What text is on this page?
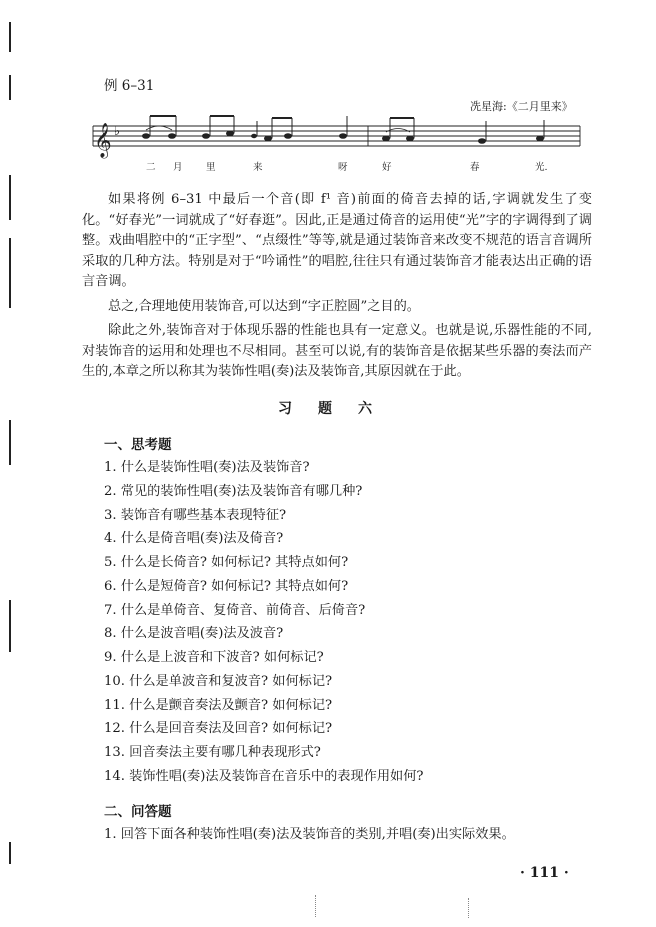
例 6–31
冼星海:《二月里来》
𝄞 ♭
二 月 里	来	呀	好	春	光.

如果将例 6–31 中最后一个音(即 f¹ 音)前面的倚音去掉的话,字调就发生了变化。“好春光”一词就成了“好春逛”。因此,正是通过倚音的运用使“光”字的字调得到了调整。戏曲唱腔中的“正字型”、“点缀性”等等,就是通过装饰音来改变不规范的语言音调所采取的几种方法。特别是对于“吟诵性”的唱腔,往往只有通过装饰音才能表达出正确的语言音调。

总之,合理地使用装饰音,可以达到“字正腔圆”之目的。

除此之外,装饰音对于体现乐器的性能也具有一定意义。也就是说,乐器性能的不同,对装饰音的运用和处理也不尽相同。甚至可以说,有的装饰音是依据某些乐器的奏法而产生的,本章之所以称其为装饰性唱(奏)法及装饰音,其原因就在于此。

习　题　六
一、思考题
1. 什么是装饰性唱(奏)法及装饰音?
2. 常见的装饰性唱(奏)法及装饰音有哪几种?
3. 装饰音有哪些基本表现特征?
4. 什么是倚音唱(奏)法及倚音?
5. 什么是长倚音? 如何标记? 其特点如何?
6. 什么是短倚音? 如何标记? 其特点如何?
7. 什么是单倚音、复倚音、前倚音、后倚音?
8. 什么是波音唱(奏)法及波音?
9. 什么是上波音和下波音? 如何标记?
10. 什么是单波音和复波音? 如何标记?
11. 什么是颤音奏法及颤音? 如何标记?
12. 什么是回音奏法及回音? 如何标记?
13. 回音奏法主要有哪几种表现形式?
14. 装饰性唱(奏)法及装饰音在音乐中的表现作用如何?
二、问答题
1. 回答下面各种装饰性唱(奏)法及装饰音的类别,并唱(奏)出实际效果。
· 111 ·
